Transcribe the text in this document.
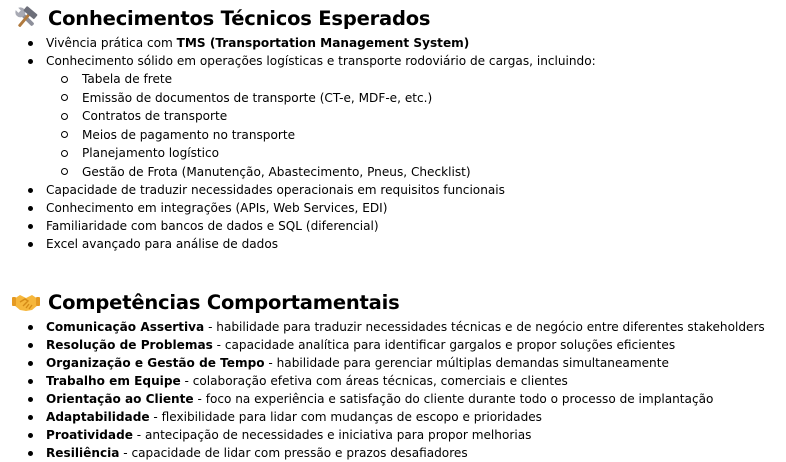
Conhecimentos Técnicos Esperados
Vivência prática com TMS (Transportation Management System)
Conhecimento sólido em operações logísticas e transporte rodoviário de cargas, incluindo:
Tabela de frete
Emissão de documentos de transporte (CT-e, MDF-e, etc.)
Contratos de transporte
Meios de pagamento no transporte
Planejamento logístico
Gestão de Frota (Manutenção, Abastecimento, Pneus, Checklist)
Capacidade de traduzir necessidades operacionais em requisitos funcionais
Conhecimento em integrações (APIs, Web Services, EDI)
Familiaridade com bancos de dados e SQL (diferencial)
Excel avançado para análise de dados
Competências Comportamentais
Comunicação Assertiva - habilidade para traduzir necessidades técnicas e de negócio entre diferentes stakeholders
Resolução de Problemas - capacidade analítica para identificar gargalos e propor soluções eficientes
Organização e Gestão de Tempo - habilidade para gerenciar múltiplas demandas simultaneamente
Trabalho em Equipe - colaboração efetiva com áreas técnicas, comerciais e clientes
Orientação ao Cliente - foco na experiência e satisfação do cliente durante todo o processo de implantação
Adaptabilidade - flexibilidade para lidar com mudanças de escopo e prioridades
Proatividade - antecipação de necessidades e iniciativa para propor melhorias
Resiliência - capacidade de lidar com pressão e prazos desafiadores
